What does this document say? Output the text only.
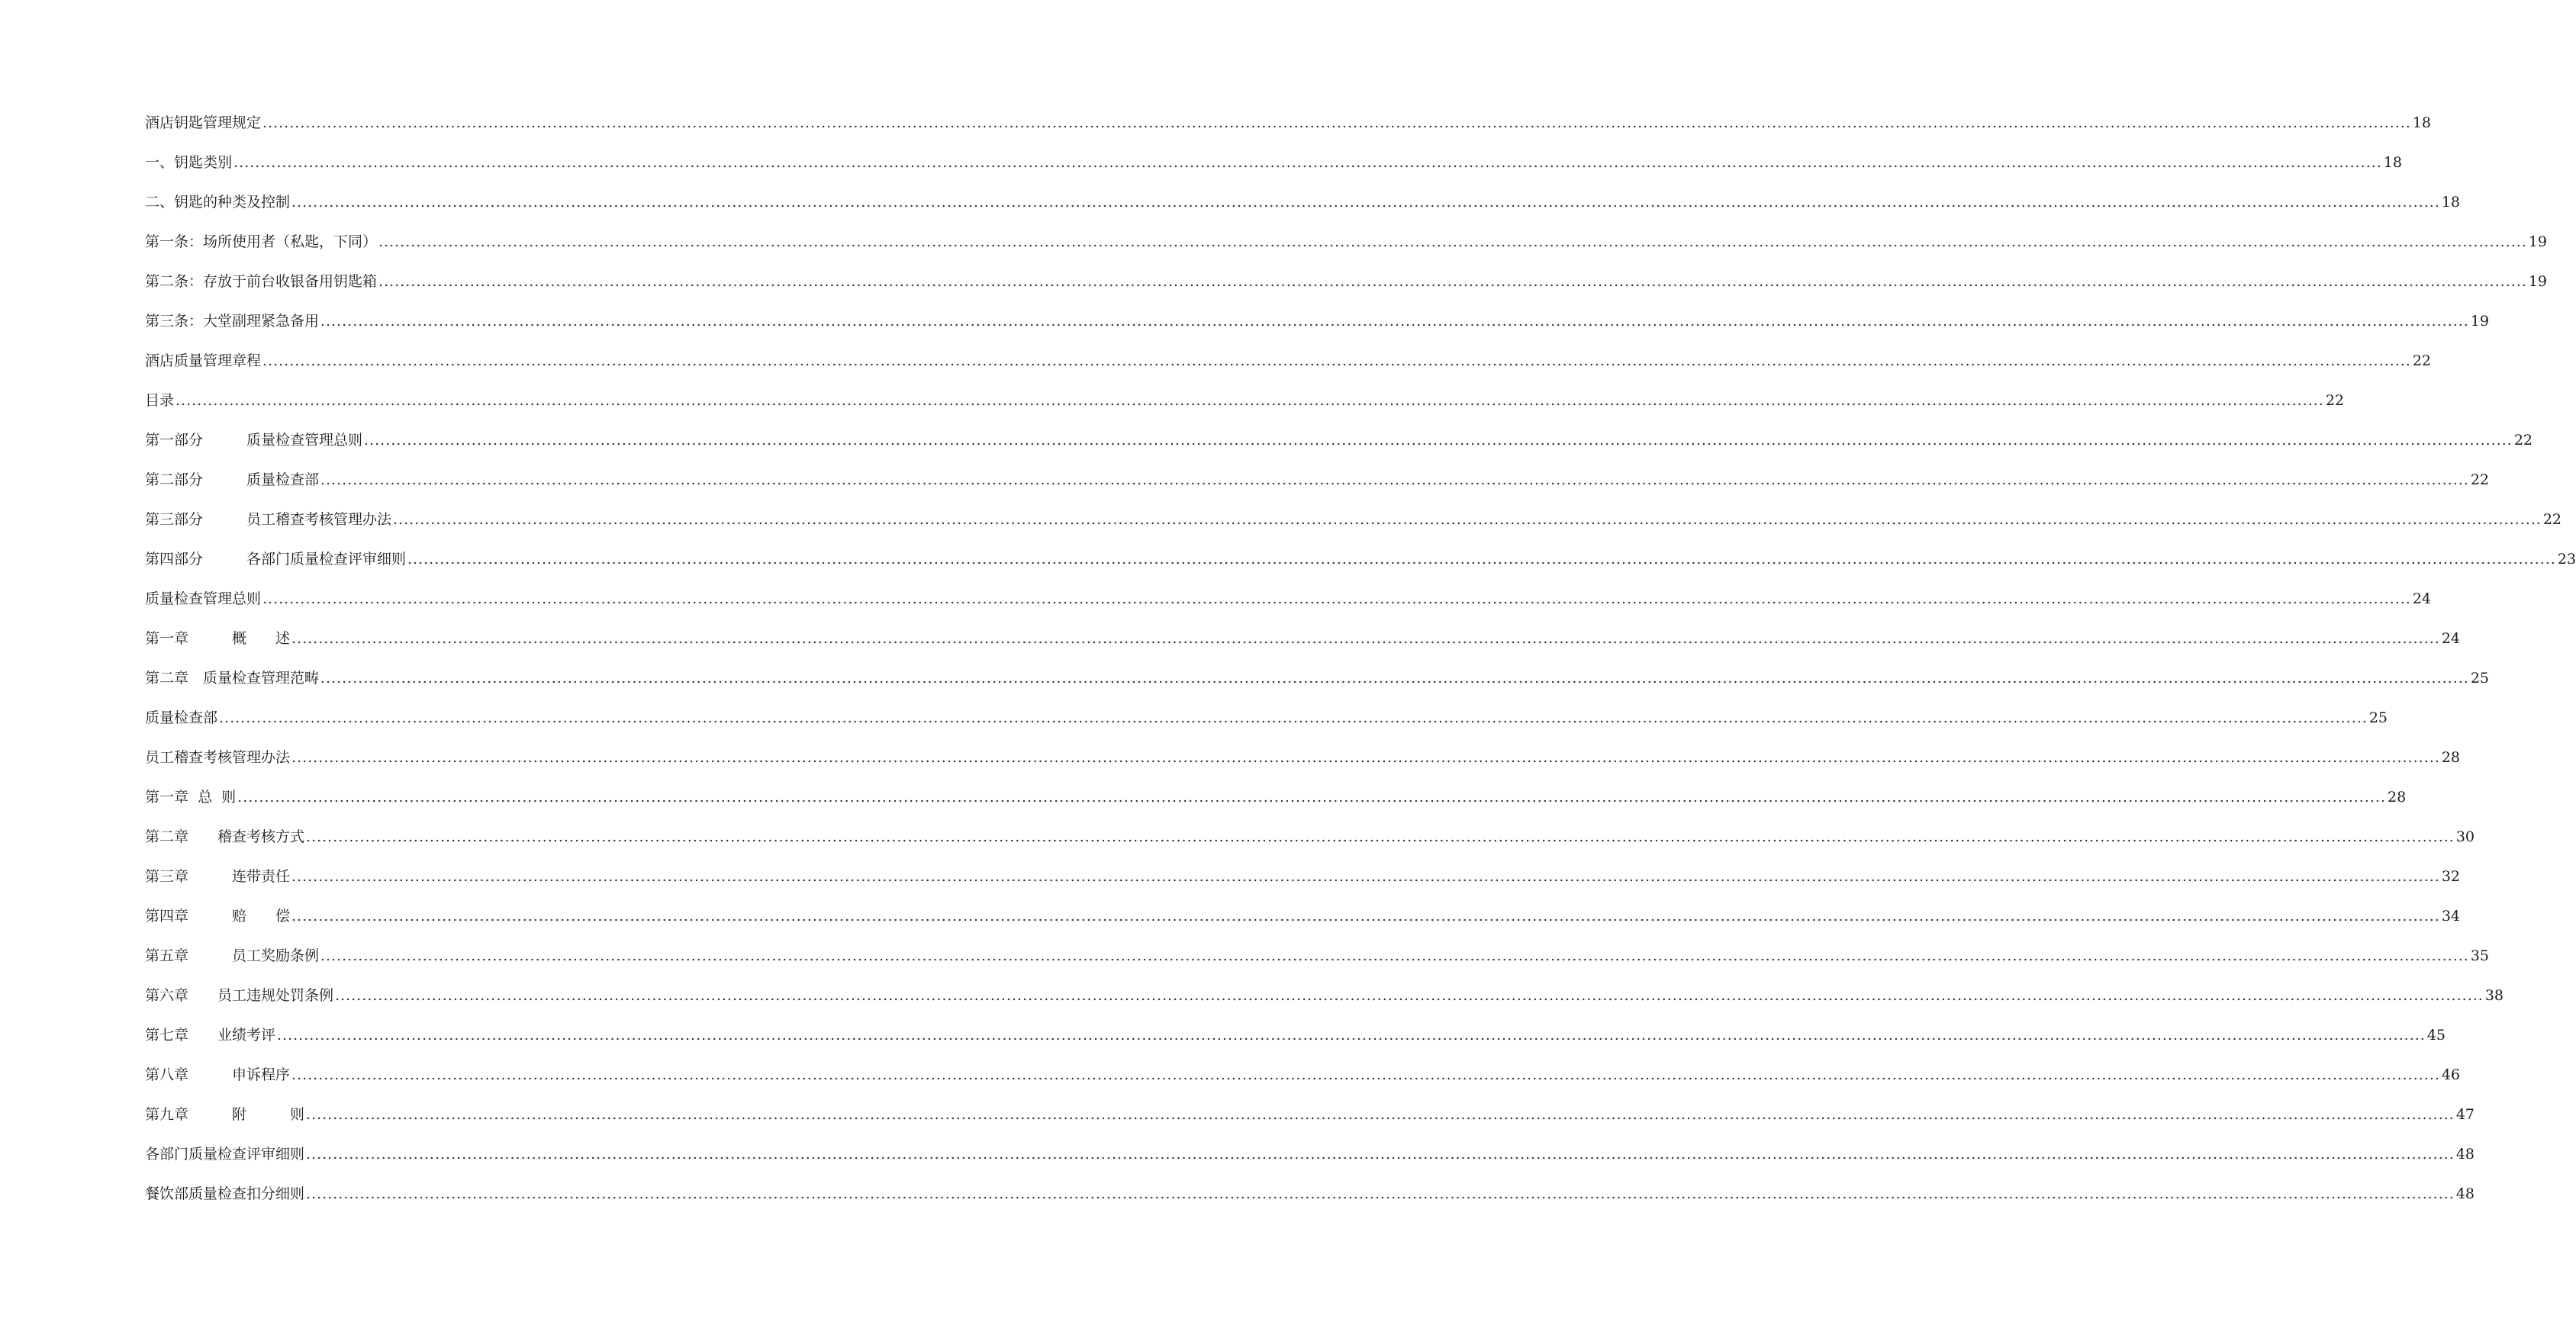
酒店钥匙管理规定 ................................................................................................................................................................................................................................................................................................................................................................................................................ 18
一、钥匙类别 ................................................................................................................................................................................................................................................................................................................................................................................................................ 18
二、钥匙的种类及控制 ................................................................................................................................................................................................................................................................................................................................................................................................................ 18
第一条：场所使用者（私匙，下同） ................................................................................................................................................................................................................................................................................................................................................................................................................ 19
第二条：存放于前台收银备用钥匙箱 ................................................................................................................................................................................................................................................................................................................................................................................................................ 19
第三条：大堂副理紧急备用 ................................................................................................................................................................................................................................................................................................................................................................................................................ 19
酒店质量管理章程 ................................................................................................................................................................................................................................................................................................................................................................................................................ 22
目录 ................................................................................................................................................................................................................................................................................................................................................................................................................ 22
第一部分　　　质量检查管理总则 ................................................................................................................................................................................................................................................................................................................................................................................................................ 22
第二部分　　　质量检查部 ................................................................................................................................................................................................................................................................................................................................................................................................................ 22
第三部分　　　员工稽查考核管理办法 ................................................................................................................................................................................................................................................................................................................................................................................................................ 22
第四部分　　　各部门质量检查评审细则 ................................................................................................................................................................................................................................................................................................................................................................................................................ 23
质量检查管理总则 ................................................................................................................................................................................................................................................................................................................................................................................................................ 24
第一章　　　概　　述 ................................................................................................................................................................................................................................................................................................................................................................................................................ 24
第二章　质量检查管理范畴 ................................................................................................................................................................................................................................................................................................................................................................................................................ 25
质量检查部 ................................................................................................................................................................................................................................................................................................................................................................................................................ 25
员工稽查考核管理办法 ................................................................................................................................................................................................................................................................................................................................................................................................................ 28
第一章  总  则 ................................................................................................................................................................................................................................................................................................................................................................................................................ 28
第二章　　稽查考核方式 ................................................................................................................................................................................................................................................................................................................................................................................................................ 30
第三章　　　连带责任 ................................................................................................................................................................................................................................................................................................................................................................................................................ 32
第四章　　　赔　　偿 ................................................................................................................................................................................................................................................................................................................................................................................................................ 34
第五章　　　员工奖励条例 ................................................................................................................................................................................................................................................................................................................................................................................................................ 35
第六章　　员工违规处罚条例 ................................................................................................................................................................................................................................................................................................................................................................................................................ 38
第七章　　业绩考评 ................................................................................................................................................................................................................................................................................................................................................................................................................ 45
第八章　　　申诉程序 ................................................................................................................................................................................................................................................................................................................................................................................................................ 46
第九章　　　附　　　则 ................................................................................................................................................................................................................................................................................................................................................................................................................ 47
各部门质量检查评审细则 ................................................................................................................................................................................................................................................................................................................................................................................................................ 48
餐饮部质量检查扣分细则 ................................................................................................................................................................................................................................................................................................................................................................................................................ 48
